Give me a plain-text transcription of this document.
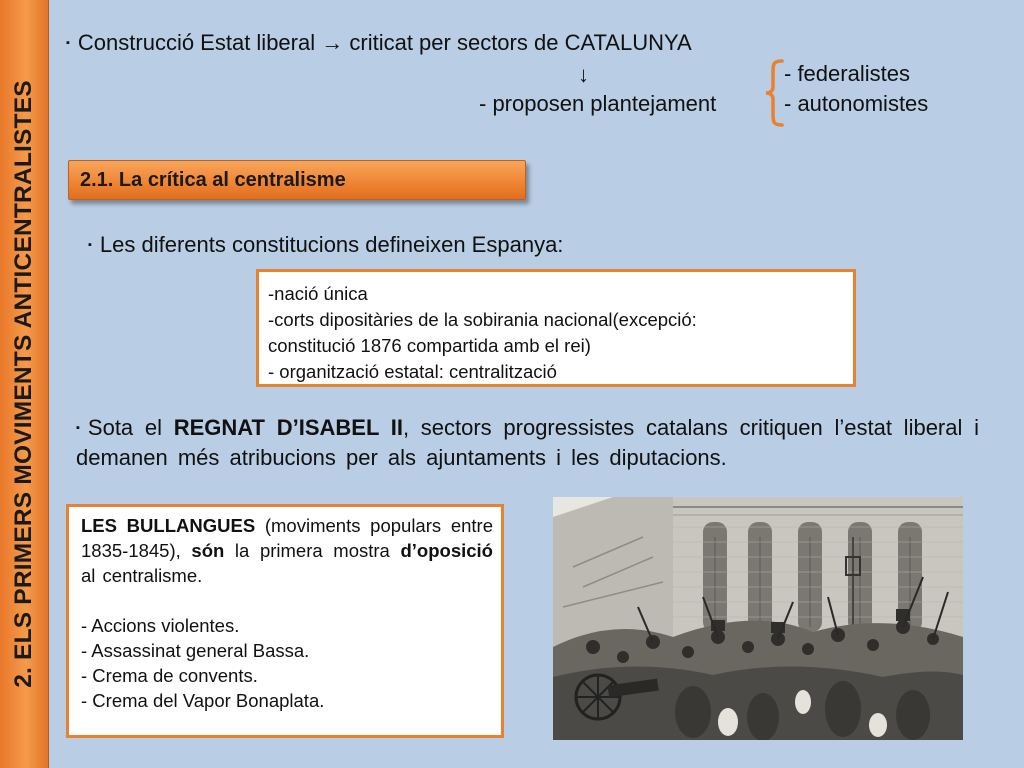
2. ELS PRIMERS MOVIMENTS ANTICENTRALISTES
▪ Construcció Estat liberal → criticat per sectors de CATALUNYA
↓
- proposen plantejament
- federalistes
- autonomistes
2.1. La crítica al centralisme
▪ Les diferents constitucions defineixen Espanya:
-nació única
-corts dipositàries de la sobirania nacional(excepció:
constitució 1876 compartida amb el rei)
- organització estatal: centralització
▪ Sota el REGNAT D’ISABEL II, sectors progressistes catalans critiquen l’estat liberal i demanen més atribucions per als ajuntaments i les diputacions.
LES BULLANGUES (moviments populars entre 1835-1845), són la primera mostra d’oposició al centralisme.
- Accions violentes.
- Assassinat general Bassa.
- Crema de convents.
- Crema del Vapor Bonaplata.
